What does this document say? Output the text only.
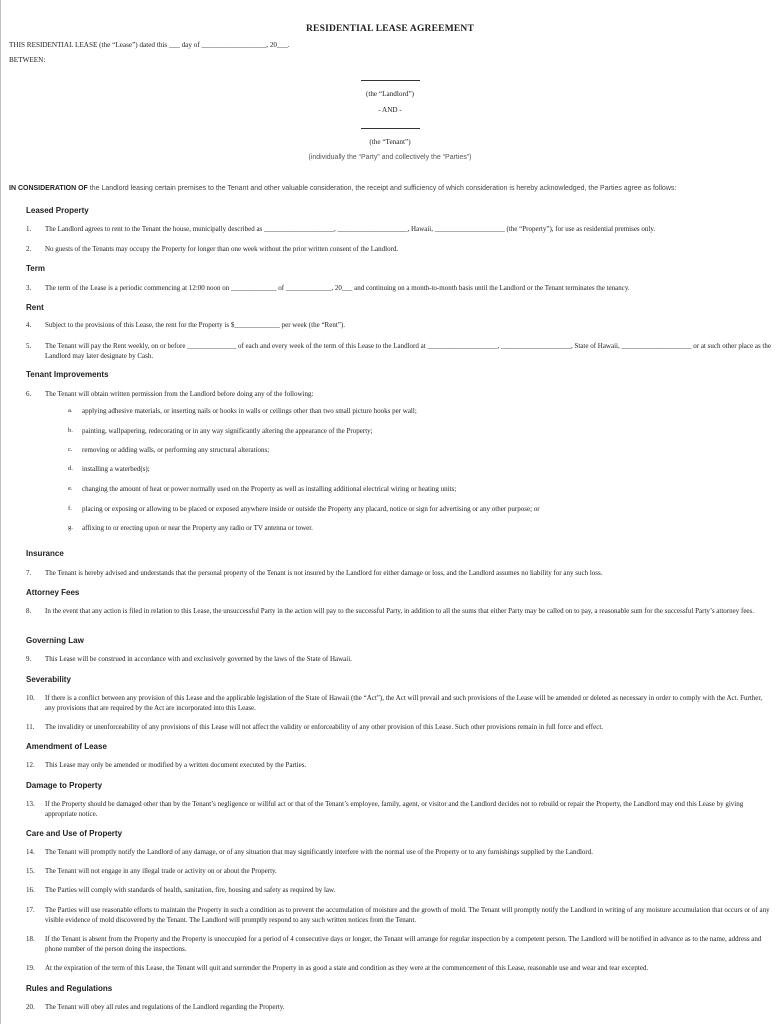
RESIDENTIAL LEASE AGREEMENT
THIS RESIDENTIAL LEASE (the “Lease”) dated this ___ day of __________________, 20___.
BETWEEN:
(the “Landlord”)
- AND -
(the “Tenant”)
(individually the “Party” and collectively the “Parties”)
IN CONSIDERATION OF the Landlord leasing certain premises to the Tenant and other valuable consideration, the receipt and sufficiency of which consideration is hereby acknowledged, the Parties agree as follows:
Leased Property
1. The Landlord agrees to rent to the Tenant the house, municipally described as ____________________, ____________________, Hawaii, ____________________ (the “Property”), for use as residential premises only.
2. No guests of the Tenants may occupy the Property for longer than one week without the prior written consent of the Landlord.
Term
3. The term of the Lease is a periodic commencing at 12:00 noon on _____________ of _____________, 20___ and continuing on a month-to-month basis until the Landlord or the Tenant terminates the tenancy.
Rent
4. Subject to the provisions of this Lease, the rent for the Property is $_____________ per week (the “Rent”).
5. The Tenant will pay the Rent weekly, on or before ______________ of each and every week of the term of this Lease to the Landlord at ____________________, ____________________, State of Hawaii, ____________________ or at such other place as the Landlord may later designate by Cash.
Tenant Improvements
6. The Tenant will obtain written permission from the Landlord before doing any of the following:
a. applying adhesive materials, or inserting nails or hooks in walls or ceilings other than two small picture hooks per wall;
b. painting, wallpapering, redecorating or in any way significantly altering the appearance of the Property;
c. removing or adding walls, or performing any structural alterations;
d. installing a waterbed(s);
e. changing the amount of heat or power normally used on the Property as well as installing additional electrical wiring or heating units;
f. placing or exposing or allowing to be placed or exposed anywhere inside or outside the Property any placard, notice or sign for advertising or any other purpose; or
g. affixing to or erecting upon or near the Property any radio or TV antenna or tower.
Insurance
7. The Tenant is hereby advised and understands that the personal property of the Tenant is not insured by the Landlord for either damage or loss, and the Landlord assumes no liability for any such loss.
Attorney Fees
8. In the event that any action is filed in relation to this Lease, the unsuccessful Party in the action will pay to the successful Party, in addition to all the sums that either Party may be called on to pay, a reasonable sum for the successful Party’s attorney fees.
Governing Law
9. This Lease will be construed in accordance with and exclusively governed by the laws of the State of Hawaii.
Severability
10. If there is a conflict between any provision of this Lease and the applicable legislation of the State of Hawaii (the “Act”), the Act will prevail and such provisions of the Lease will be amended or deleted as necessary in order to comply with the Act. Further, any provisions that are required by the Act are incorporated into this Lease.
11. The invalidity or unenforceability of any provisions of this Lease will not affect the validity or enforceability of any other provision of this Lease. Such other provisions remain in full force and effect.
Amendment of Lease
12. This Lease may only be amended or modified by a written document executed by the Parties.
Damage to Property
13. If the Property should be damaged other than by the Tenant’s negligence or willful act or that of the Tenant’s employee, family, agent, or visitor and the Landlord decides not to rebuild or repair the Property, the Landlord may end this Lease by giving appropriate notice.
Care and Use of Property
14. The Tenant will promptly notify the Landlord of any damage, or of any situation that may significantly interfere with the normal use of the Property or to any furnishings supplied by the Landlord.
15. The Tenant will not engage in any illegal trade or activity on or about the Property.
16. The Parties will comply with standards of health, sanitation, fire, housing and safety as required by law.
17. The Parties will use reasonable efforts to maintain the Property in such a condition as to prevent the accumulation of moisture and the growth of mold. The Tenant will promptly notify the Landlord in writing of any moisture accumulation that occurs or of any visible evidence of mold discovered by the Tenant. The Landlord will promptly respond to any such written notices from the Tenant.
18. If the Tenant is absent from the Property and the Property is unoccupied for a period of 4 consecutive days or longer, the Tenant will arrange for regular inspection by a competent person. The Landlord will be notified in advance as to the name, address and phone number of the person doing the inspections.
19. At the expiration of the term of this Lease, the Tenant will quit and surrender the Property in as good a state and condition as they were at the commencement of this Lease, reasonable use and wear and tear excepted.
Rules and Regulations
20. The Tenant will obey all rules and regulations of the Landlord regarding the Property.
